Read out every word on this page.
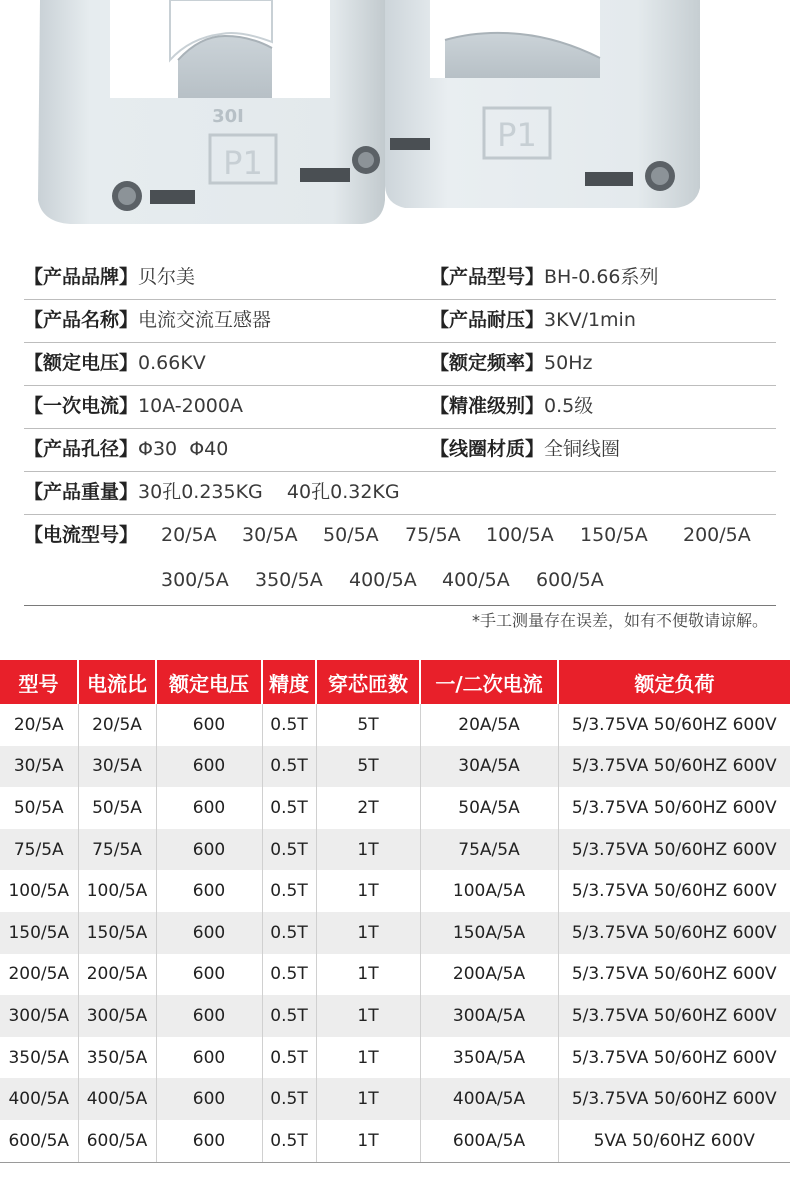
30I
P1
P1
【产品品牌】贝尔美	【产品型号】BH-0.66系列
【产品名称】电流交流互感器	【产品耐压】3KV/1min
【额定电压】0.66KV	【额定频率】50Hz
【一次电流】10A-2000A	【精准级别】0.5级
【产品孔径】Φ30  Φ40	【线圈材质】全铜线圈
【产品重量】30孔0.235KG    40孔0.32KG
【电流型号】 20/5A 30/5A 50/5A 75/5A 100/5A 150/5A 200/5A
300/5A 350/5A 400/5A 400/5A 600/5A
*手工测量存在误差，如有不便敬请谅解。
型号	电流比	额定电压	精度	穿芯匝数	一/二次电流	额定负荷
20/5A	20/5A	600	0.5T	5T	20A/5A	5/3.75VA 50/60HZ 600V
30/5A	30/5A	600	0.5T	5T	30A/5A	5/3.75VA 50/60HZ 600V
50/5A	50/5A	600	0.5T	2T	50A/5A	5/3.75VA 50/60HZ 600V
75/5A	75/5A	600	0.5T	1T	75A/5A	5/3.75VA 50/60HZ 600V
100/5A	100/5A	600	0.5T	1T	100A/5A	5/3.75VA 50/60HZ 600V
150/5A	150/5A	600	0.5T	1T	150A/5A	5/3.75VA 50/60HZ 600V
200/5A	200/5A	600	0.5T	1T	200A/5A	5/3.75VA 50/60HZ 600V
300/5A	300/5A	600	0.5T	1T	300A/5A	5/3.75VA 50/60HZ 600V
350/5A	350/5A	600	0.5T	1T	350A/5A	5/3.75VA 50/60HZ 600V
400/5A	400/5A	600	0.5T	1T	400A/5A	5/3.75VA 50/60HZ 600V
600/5A	600/5A	600	0.5T	1T	600A/5A	5VA 50/60HZ 600V
